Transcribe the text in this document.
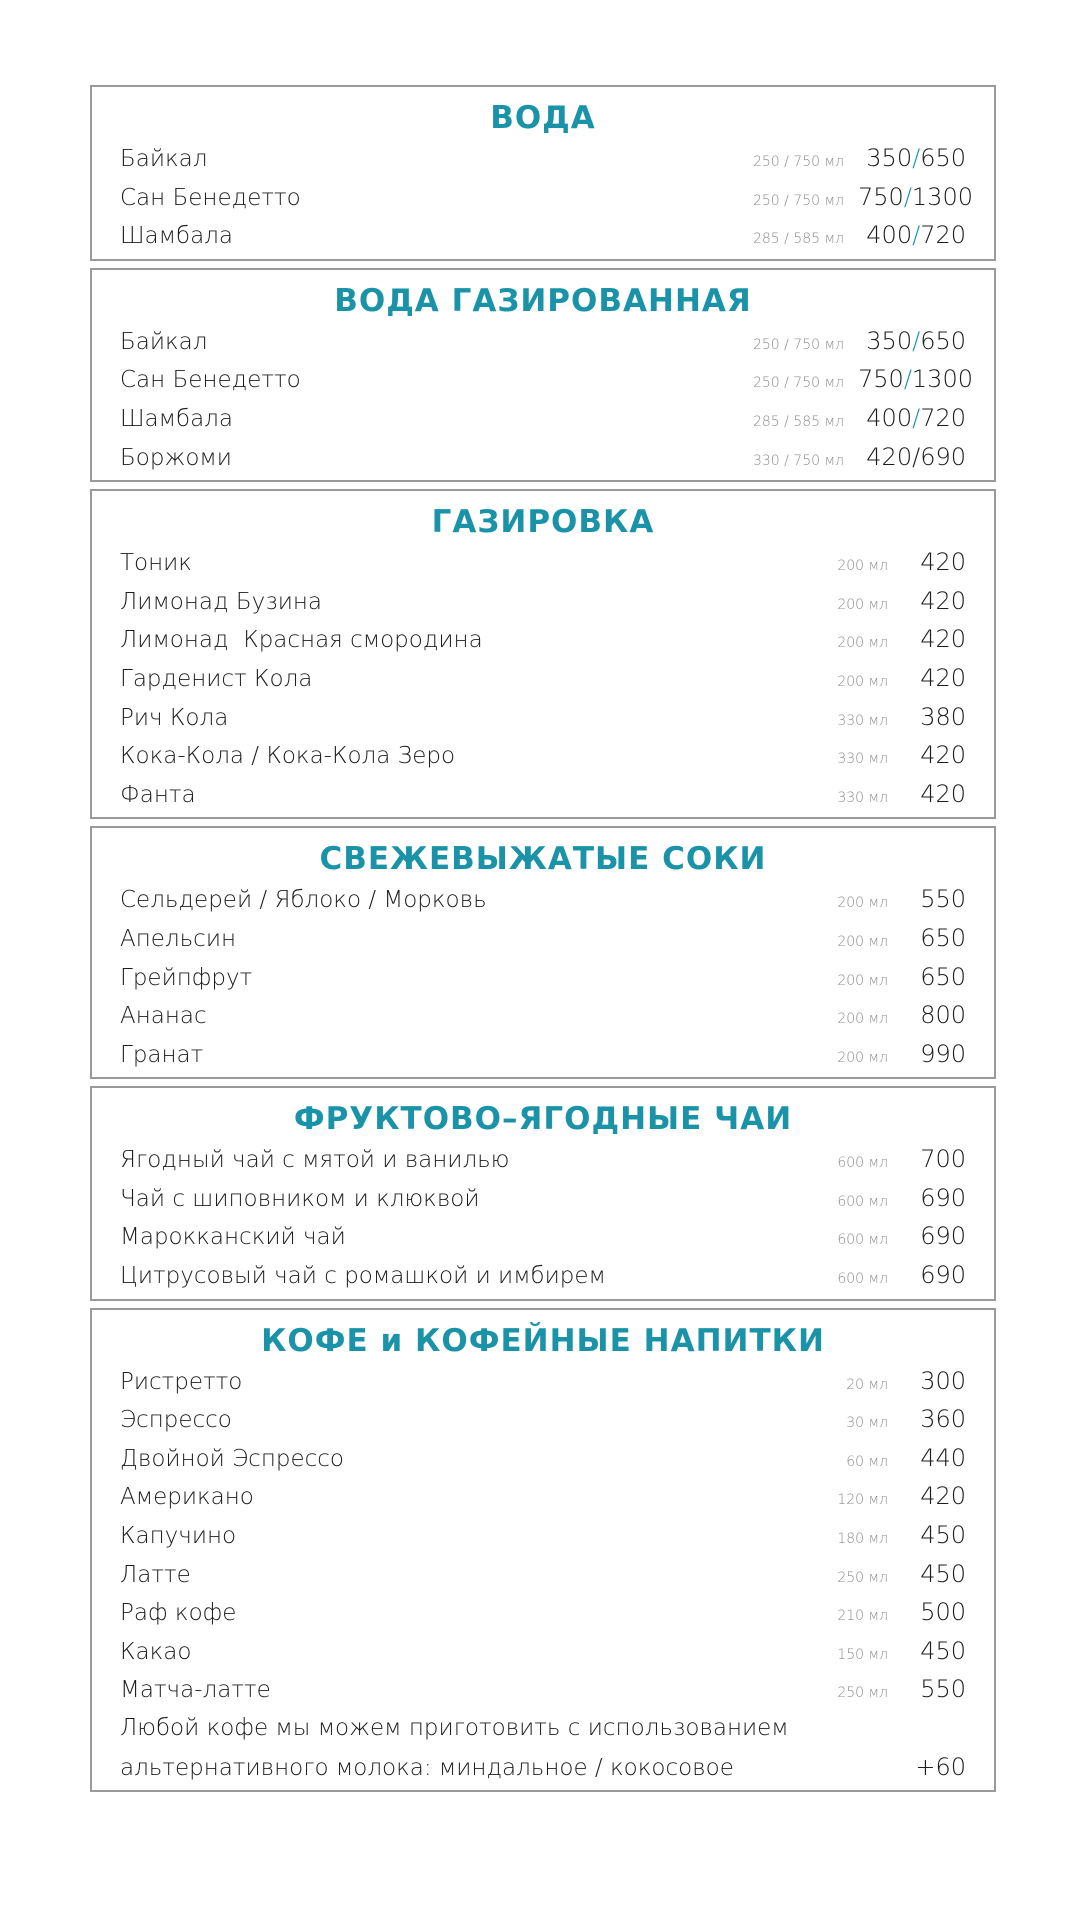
ВОДА
Байкал	250 / 750 мл 350/650
Сан Бенедетто	250 / 750 мл 750/1300
Шамбала	285 / 585 мл 400/720
ВОДА ГАЗИРОВАННАЯ
Байкал	250 / 750 мл 350/650
Сан Бенедетто	250 / 750 мл 750/1300
Шамбала	285 / 585 мл 400/720
Боржоми	330 / 750 мл 420/690
ГАЗИРОВКА
Тоник	200 мл	420
Лимонад Бузина	200 мл	420
Лимонад  Красная смородина	200 мл	420
Гарденист Кола	200 мл	420
Рич Кола	330 мл	380
Кока-Кола / Кока-Кола Зеро	330 мл	420
Фанта	330 мл	420
СВЕЖЕВЫЖАТЫЕ СОКИ
Сельдерей / Яблоко / Морковь	200 мл	550
Апельсин	200 мл	650
Грейпфрут	200 мл	650
Ананас	200 мл	800
Гранат	200 мл	990
ФРУКТОВО–ЯГОДНЫЕ ЧАИ
Ягодный чай с мятой и ванилью	600 мл	700
Чай с шиповником и клюквой	600 мл	690
Марокканский чай	600 мл	690
Цитрусовый чай с ромашкой и имбирем	600 мл	690
КОФЕ и КОФЕЙНЫЕ НАПИТКИ
Ристретто	20 мл	300
Эспрессо	30 мл	360
Двойной Эспрессо	60 мл	440
Американо	120 мл	420
Капучино	180 мл	450
Латте	250 мл	450
Раф кофе	210 мл	500
Какао	150 мл	450
Матча-латте	250 мл	550
Любой кофе мы можем приготовить с использованием
альтернативного молока: миндальное / кокосовое	+60
